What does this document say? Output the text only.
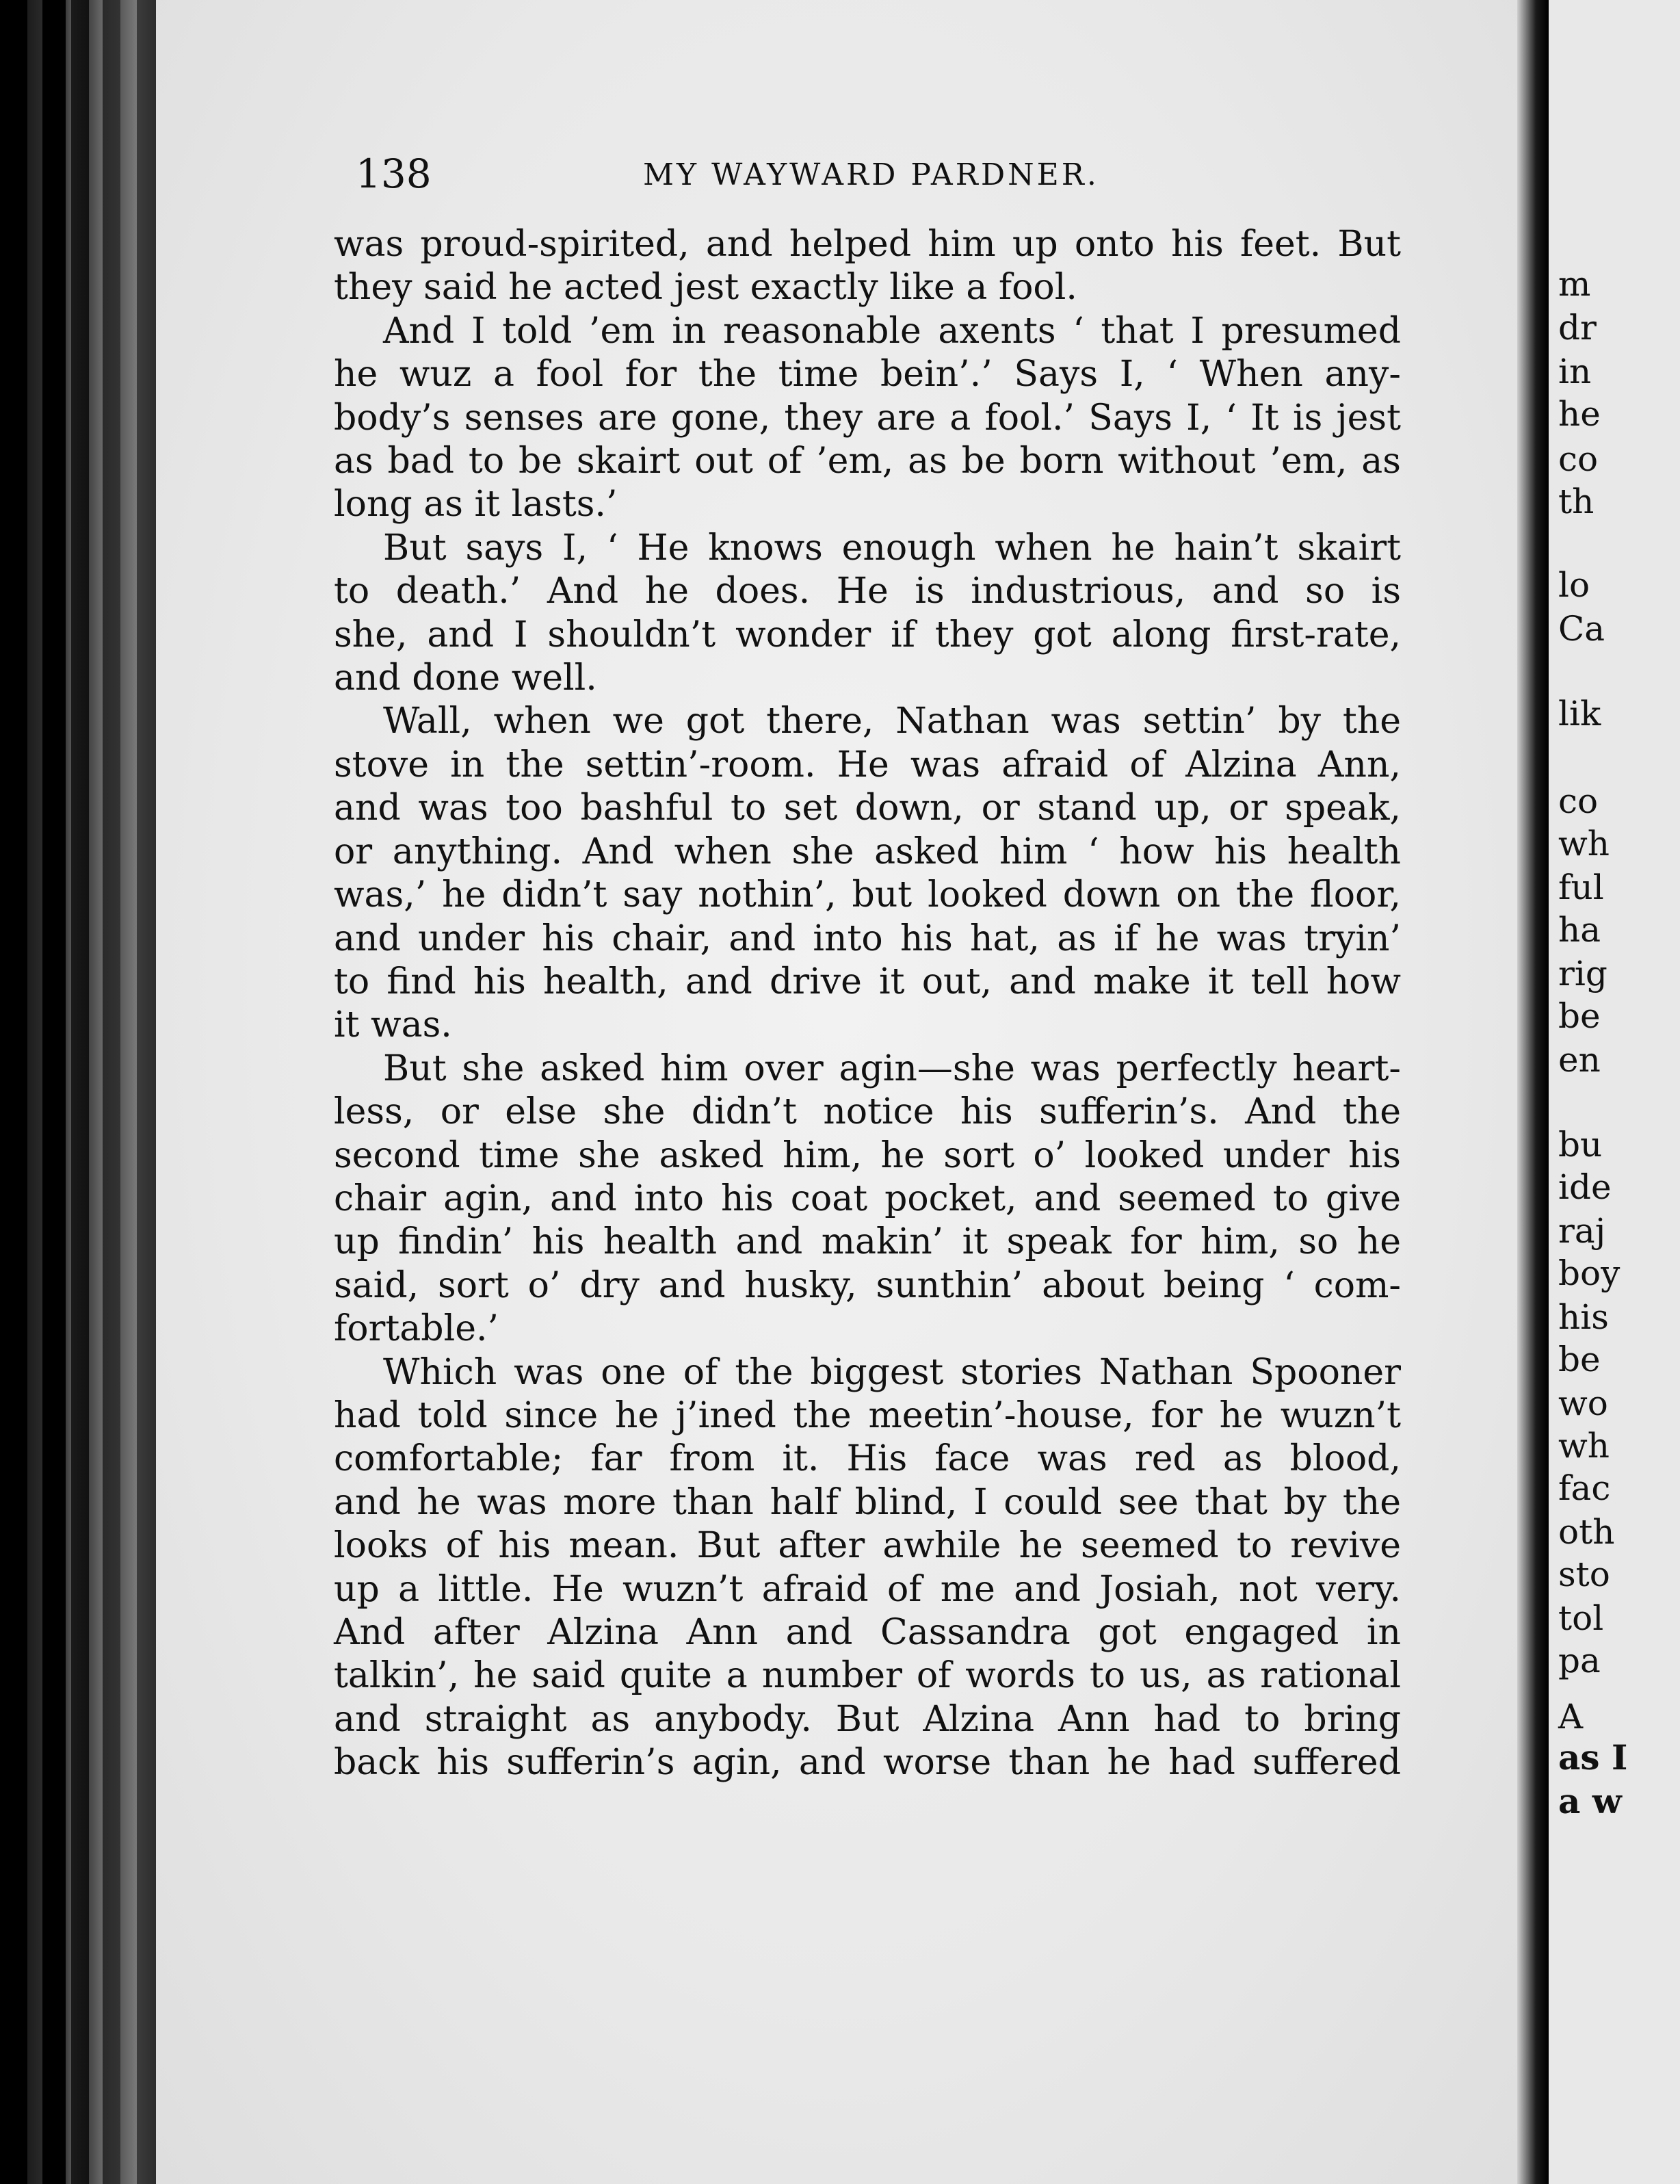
m
dr
in
he
co
th
lo
Ca
lik
co
wh
ful
ha
rig
be
en
bu
ide
raj
boy
his
be
wo
wh
fac
oth
sto
tol
pa
A
as I
a w
138	MY WAYWARD PARDNER.
was proud-spirited, and helped him up onto his feet. But
they said he acted jest exactly like a fool.
And I told ’em in reasonable axents ‘ that I presumed
he wuz a fool for the time bein’.’ Says I, ‘ When any-
body’s senses are gone, they are a fool.’ Says I, ‘ It is jest
as bad to be skairt out of ’em, as be born without ’em, as
long as it lasts.’
But says I, ‘ He knows enough when he hain’t skairt
to death.’ And he does. He is industrious, and so is
she, and I shouldn’t wonder if they got along first-rate,
and done well.
Wall, when we got there, Nathan was settin’ by the
stove in the settin’-room. He was afraid of Alzina Ann,
and was too bashful to set down, or stand up, or speak,
or anything. And when she asked him ‘ how his health
was,’ he didn’t say nothin’, but looked down on the floor,
and under his chair, and into his hat, as if he was tryin’
to find his health, and drive it out, and make it tell how
it was.
But she asked him over agin—she was perfectly heart-
less, or else she didn’t notice his sufferin’s. And the
second time she asked him, he sort o’ looked under his
chair agin, and into his coat pocket, and seemed to give
up findin’ his health and makin’ it speak for him, so he
said, sort o’ dry and husky, sunthin’ about being ‘ com-
fortable.’
Which was one of the biggest stories Nathan Spooner
had told since he j’ined the meetin’-house, for he wuzn’t
comfortable; far from it. His face was red as blood,
and he was more than half blind, I could see that by the
looks of his mean. But after awhile he seemed to revive
up a little. He wuzn’t afraid of me and Josiah, not very.
And after Alzina Ann and Cassandra got engaged in
talkin’, he said quite a number of words to us, as rational
and straight as anybody. But Alzina Ann had to bring
back his sufferin’s agin, and worse than he had suffered
